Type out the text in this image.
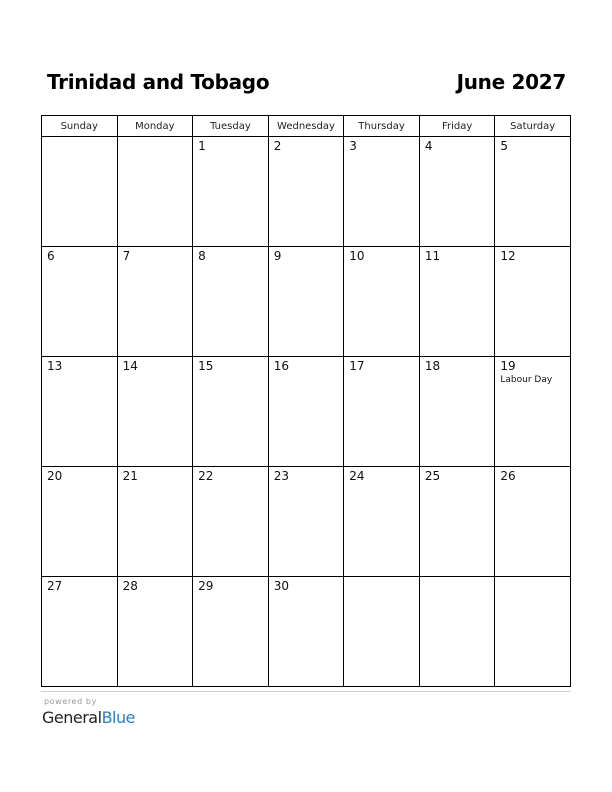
Trinidad and Tobago	June 2027
Sunday	Monday	Tuesday	Wednesday	Thursday	Friday	Saturday

		1	2	3	4	5

6	7	8	9	10	11	12

13	14	15	16	17	18	19
Labour Day

20	21	22	23	24	25	26

27	28	29	30			

powered by
GeneralBlue
